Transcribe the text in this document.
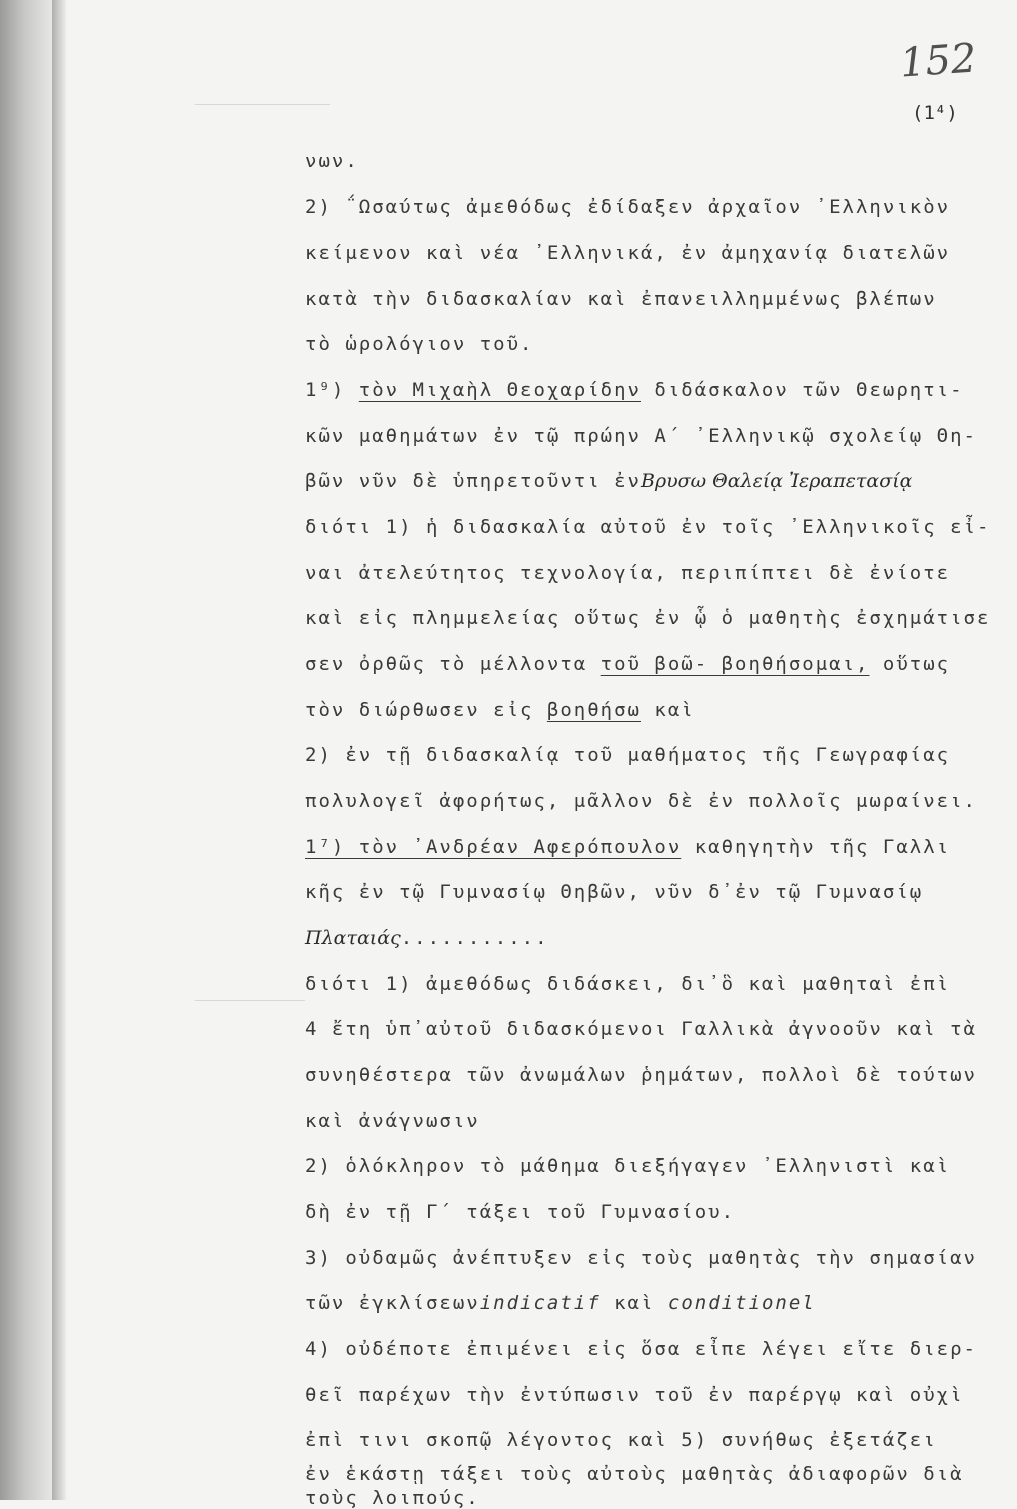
152
(1⁴)
νων.
2) ΅Ωσαύτως ἀμεθόδως ἐδίδαξεν ἀρχαῖον ᾿Ελληνικὸν
κείμενον καὶ νέα ᾿Ελληνικά, ἐν ἀμηχανίᾳ διατελῶν
κατὰ τὴν διδασκαλίαν καὶ ἐπανειλλημμένως βλέπων
τὸ ὡρολόγιον τοῦ.
1⁹) τὸν Μιχαὴλ Θεοχαρίδην διδάσκαλον τῶν Θεωρητι-
κῶν μαθημάτων ἐν τῷ πρώην Α΄ ᾿Ελληνικῷ σχολείῳ Θη-
βῶν νῦν δὲ ὑπηρετοῦντι ἐνΒρυσω Θαλείᾳ Ἰεραπετασίᾳ
διότι 1) ἡ διδασκαλία αὐτοῦ ἐν τοῖς ᾿Ελληνικοῖς εἶ-
ναι ἀτελεύτητος τεχνολογία, περιπίπτει δὲ ἐνίοτε
καὶ εἰς πλημμελείας οὕτως ἐν ᾧ ὁ μαθητὴς ἐσχημάτισε
σεν ὀρθῶς τὸ μέλλοντα τοῦ βοῶ- βοηθήσομαι, οὕτως
τὸν διώρθωσεν εἰς βοηθήσω καὶ
2) ἐν τῇ διδασκαλίᾳ τοῦ μαθήματος τῆς Γεωγραφίας
πολυλογεῖ ἀφορήτως, μᾶλλον δὲ ἐν πολλοῖς μωραίνει.
1⁷) τὸν ᾿Ανδρέαν Αφερόπουλον καθηγητὴν τῆς Γαλλι
κῆς ἐν τῷ Γυμνασίῳ Θηβῶν, νῦν δ᾿ἐν τῷ Γυμνασίῳ
Πλαταιάς...........
διότι 1) ἀμεθόδως διδάσκει, δι᾿ὃ καὶ μαθηταὶ ἐπὶ
4 ἔτη ὑπ᾿αὐτοῦ διδασκόμενοι Γαλλικὰ ἀγνοοῦν καὶ τὰ
συνηθέστερα τῶν ἀνωμάλων ῥημάτων, πολλοὶ δὲ τούτων
καὶ ἀνάγνωσιν
2) ὁλόκληρον τὸ μάθημα διεξήγαγεν ᾿Ελληνιστὶ καὶ
δὴ ἐν τῇ Γ΄ τάξει τοῦ Γυμνασίου.
3) οὐδαμῶς ἀνέπτυξεν εἰς τοὺς μαθητὰς τὴν σημασίαν
τῶν ἐγκλίσεωνindicatif καὶ conditionel
4) οὐδέποτε ἐπιμένει εἰς ὅσα εἶπε λέγει εἴτε διερ-
θεῖ παρέχων τὴν ἐντύπωσιν τοῦ ἐν παρέργῳ καὶ οὐχὶ
ἐπὶ τινι σκοπῷ λέγοντος καὶ 5) συνήθως ἐξετάζει
ἐν ἑκάστῃ τάξει τοὺς αὐτοὺς μαθητὰς ἀδιαφορῶν διὰ
τοὺς λοιπούς.
